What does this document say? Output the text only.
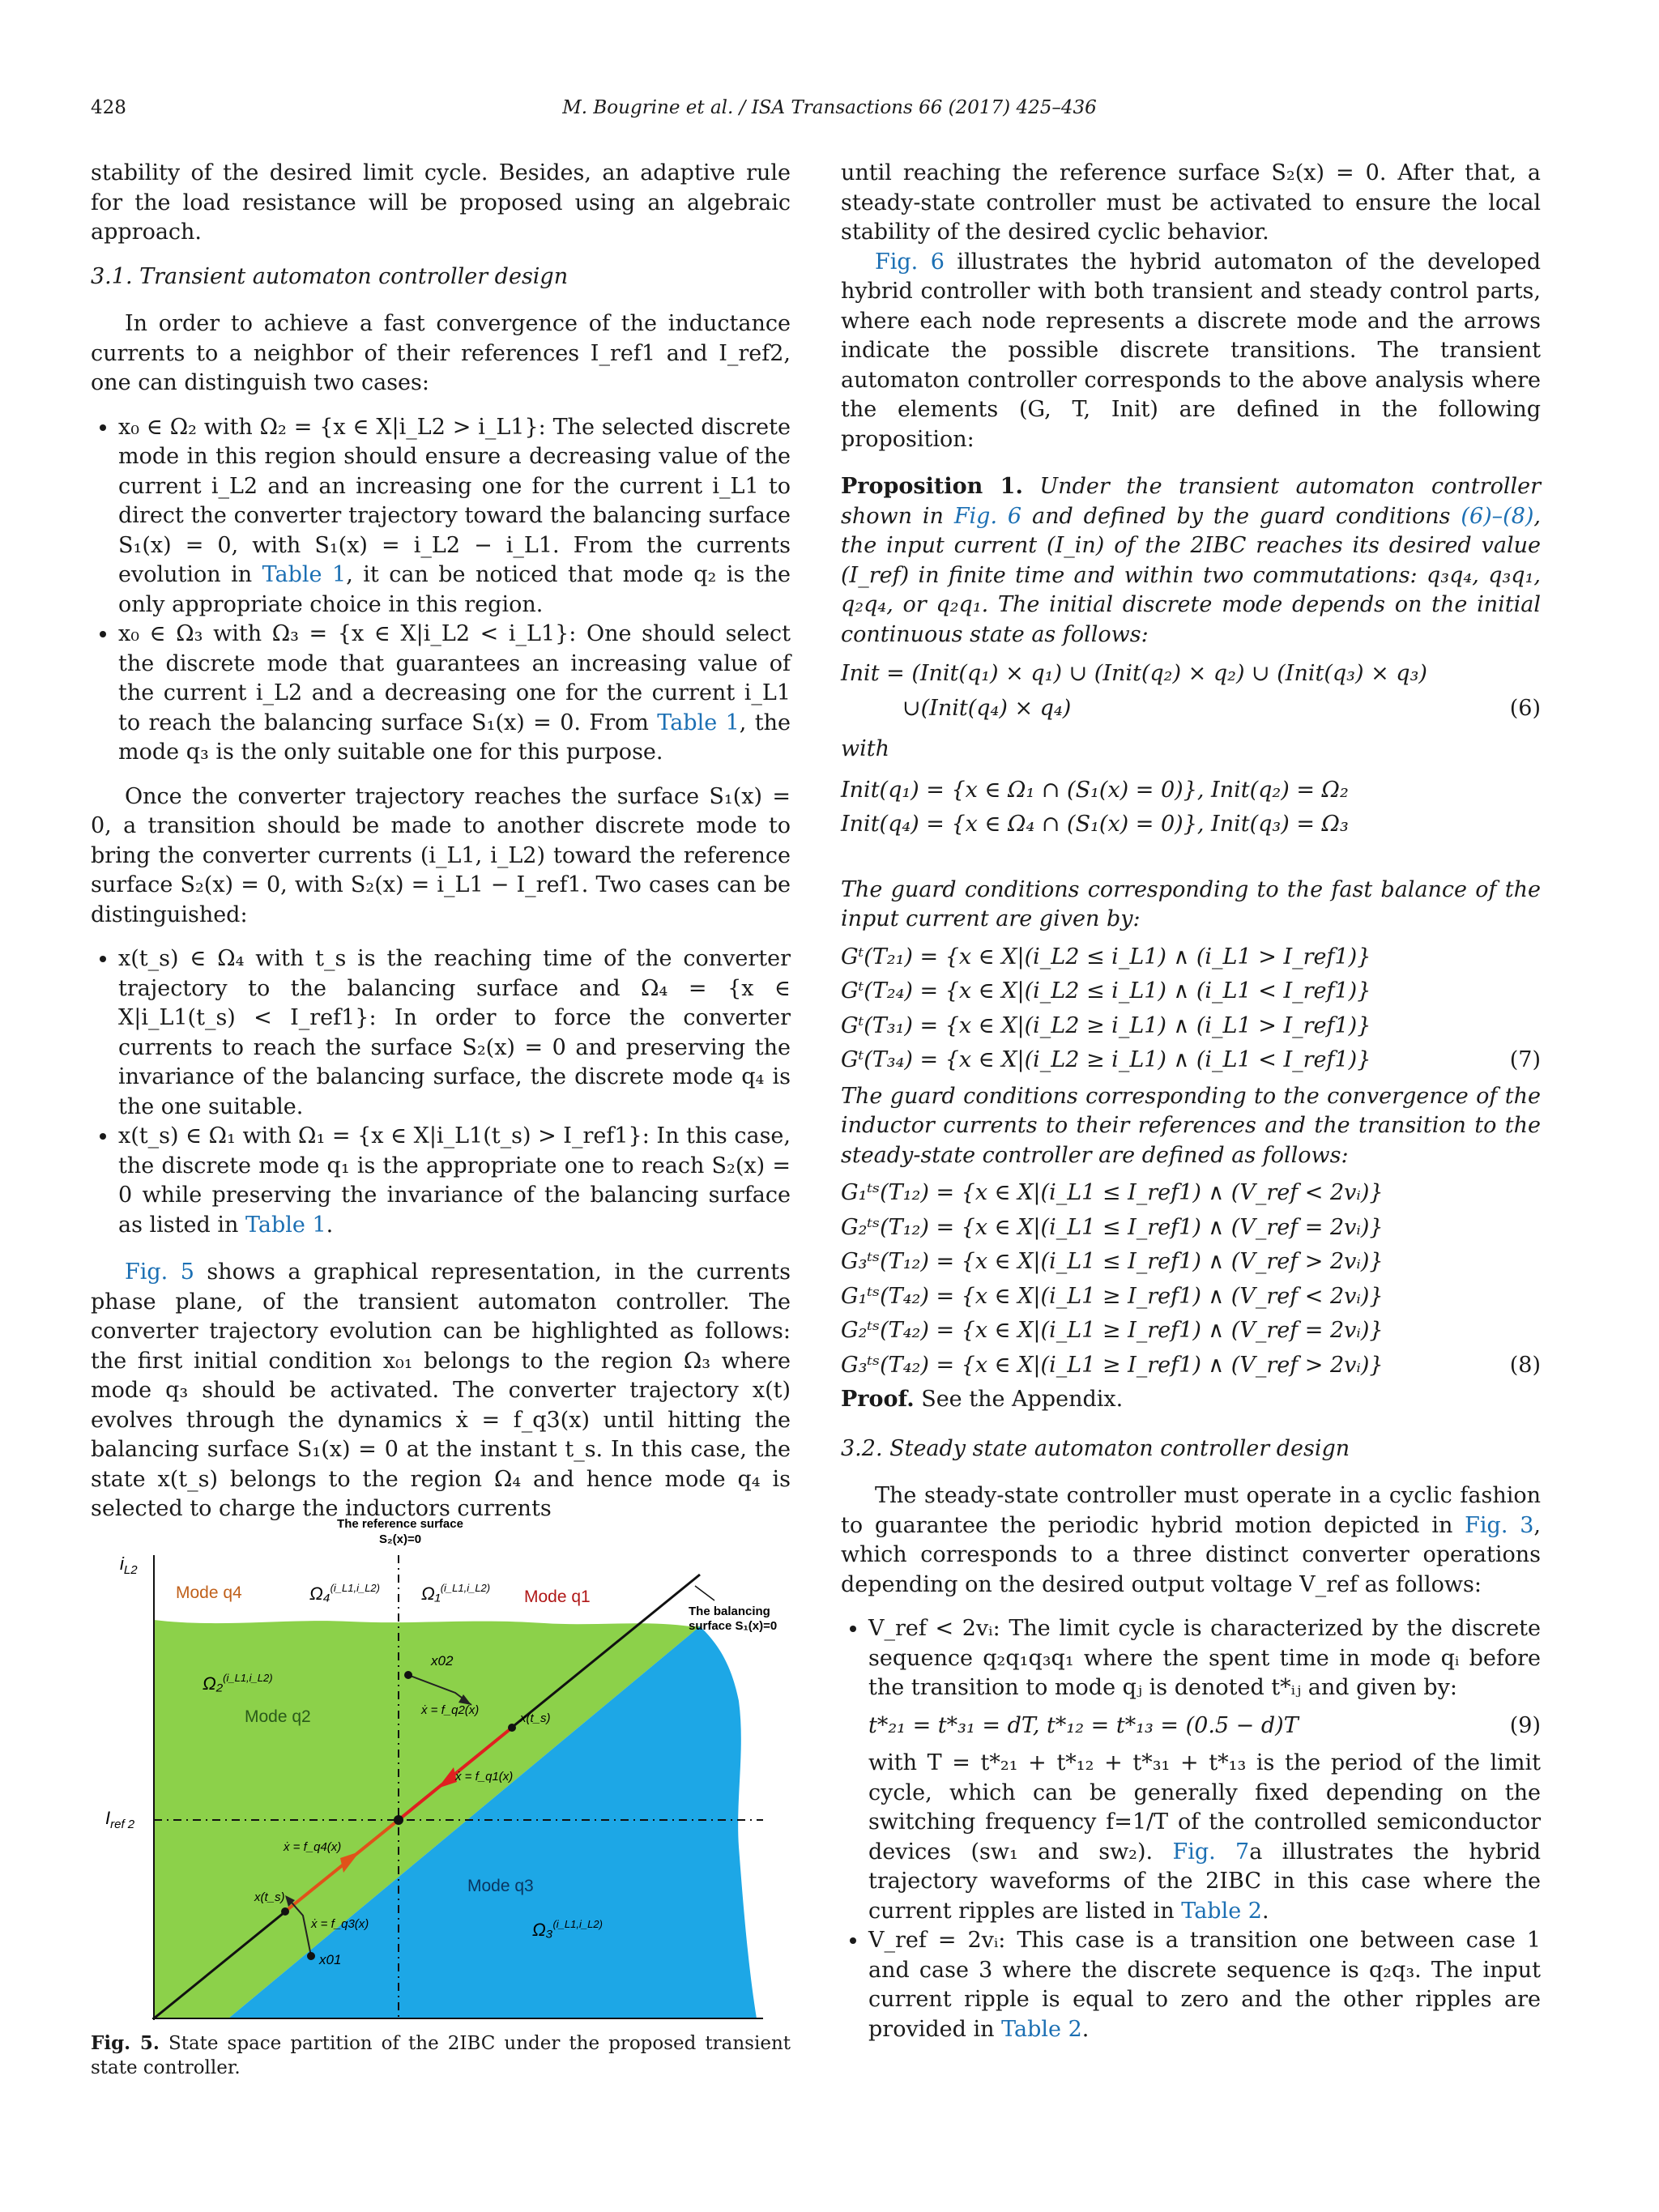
428	M. Bougrine et al. / ISA Transactions 66 (2017) 425–436

stability of the desired limit cycle. Besides, an adaptive rule for the load resistance will be proposed using an algebraic approach.

3.1. Transient automaton controller design

In order to achieve a fast convergence of the inductance currents to a neighbor of their references I_ref1 and I_ref2, one can distinguish two cases:

• x₀ ∈ Ω₂ with Ω₂ = {x ∈ X|i_L2 > i_L1}: The selected discrete mode in this region should ensure a decreasing value of the current i_L2 and an increasing one for the current i_L1 to direct the converter trajectory toward the balancing surface S₁(x) = 0, with S₁(x) = i_L2 − i_L1. From the currents evolution in Table 1, it can be noticed that mode q₂ is the only appropriate choice in this region.
• x₀ ∈ Ω₃ with Ω₃ = {x ∈ X|i_L2 < i_L1}: One should select the discrete mode that guarantees an increasing value of the current i_L2 and a decreasing one for the current i_L1 to reach the balancing surface S₁(x) = 0. From Table 1, the mode q₃ is the only suitable one for this purpose.

Once the converter trajectory reaches the surface S₁(x) = 0, a transition should be made to another discrete mode to bring the converter currents (i_L1, i_L2) toward the reference surface S₂(x) = 0, with S₂(x) = i_L1 − I_ref1. Two cases can be distinguished:

• x(t_s) ∈ Ω₄ with t_s is the reaching time of the converter trajectory to the balancing surface and Ω₄ = {x ∈ X|i_L1(t_s) < I_ref1}: In order to force the converter currents to reach the surface S₂(x) = 0 and preserving the invariance of the balancing surface, the discrete mode q₄ is the one suitable.
• x(t_s) ∈ Ω₁ with Ω₁ = {x ∈ X|i_L1(t_s) > I_ref1}: In this case, the discrete mode q₁ is the appropriate one to reach S₂(x) = 0 while preserving the invariance of the balancing surface as listed in Table 1.

Fig. 5 shows a graphical representation, in the currents phase plane, of the transient automaton controller. The converter trajectory evolution can be highlighted as follows: the first initial condition x₀₁ belongs to the region Ω₃ where mode q₃ should be activated. The converter trajectory x(t) evolves through the dynamics ẋ = f_q3(x) until hitting the balancing surface S₁(x) = 0 at the instant t_s. In this case, the state x(t_s) belongs to the region Ω₄ and hence mode q₄ is selected to charge the inductors currents

The reference surface
S₂(x)=0
$i_{L2}$
$I_{ref 2}$
Mode q4	Mode q1
Mode q2
Mode q3
Ω₄$^{(i\_L1,i\_L2)}$ Ω₁$^{(i\_L1,i\_L2)}$
Ω₂$^{(i\_L1,i\_L2)}$
Ω₃$^{(i\_L1,i\_L2)}$
The balancing
surface S₁(x)=0
x02
x01
ẋ = f_q2(x)
x(t_s)
ẋ = f_q1(x)
ẋ = f_q4(x)
x(t_s)
ẋ = f_q3(x)
Fig. 5. State space partition of the 2IBC under the proposed transient state controller.

until reaching the reference surface S₂(x) = 0. After that, a steady-state controller must be activated to ensure the local stability of the desired cyclic behavior.

Fig. 6 illustrates the hybrid automaton of the developed hybrid controller with both transient and steady control parts, where each node represents a discrete mode and the arrows indicate the possible discrete transitions. The transient automaton controller corresponds to the above analysis where the elements (G, T, Init) are defined in the following proposition:

Proposition 1. Under the transient automaton controller shown in Fig. 6 and defined by the guard conditions (6)–(8), the input current (I_in) of the 2IBC reaches its desired value (I_ref) in finite time and within two commutations: q₃q₄, q₃q₁, q₂q₄, or q₂q₁. The initial discrete mode depends on the initial continuous state as follows:

Init = (Init(q₁) × q₁) ∪ (Init(q₂) × q₂) ∪ (Init(q₃) × q₃)
∪(Init(q₄) × q₄)	(6)

with

Init(q₁) = {x ∈ Ω₁ ∩ (S₁(x) = 0)}, Init(q₂) = Ω₂
Init(q₄) = {x ∈ Ω₄ ∩ (S₁(x) = 0)}, Init(q₃) = Ω₃

The guard conditions corresponding to the fast balance of the input current are given by:

Gᵗ(T₂₁) = {x ∈ X|(i_L2 ≤ i_L1) ∧ (i_L1 > I_ref1)}
Gᵗ(T₂₄) = {x ∈ X|(i_L2 ≤ i_L1) ∧ (i_L1 < I_ref1)}
Gᵗ(T₃₁) = {x ∈ X|(i_L2 ≥ i_L1) ∧ (i_L1 > I_ref1)}
Gᵗ(T₃₄) = {x ∈ X|(i_L2 ≥ i_L1) ∧ (i_L1 < I_ref1)}	(7)

The guard conditions corresponding to the convergence of the inductor currents to their references and the transition to the steady-state controller are defined as follows:

G₁ᵗˢ(T₁₂) = {x ∈ X|(i_L1 ≤ I_ref1) ∧ (V_ref < 2vᵢ)}
G₂ᵗˢ(T₁₂) = {x ∈ X|(i_L1 ≤ I_ref1) ∧ (V_ref = 2vᵢ)}
G₃ᵗˢ(T₁₂) = {x ∈ X|(i_L1 ≤ I_ref1) ∧ (V_ref > 2vᵢ)}
G₁ᵗˢ(T₄₂) = {x ∈ X|(i_L1 ≥ I_ref1) ∧ (V_ref < 2vᵢ)}
G₂ᵗˢ(T₄₂) = {x ∈ X|(i_L1 ≥ I_ref1) ∧ (V_ref = 2vᵢ)}
G₃ᵗˢ(T₄₂) = {x ∈ X|(i_L1 ≥ I_ref1) ∧ (V_ref > 2vᵢ)}	(8)

Proof. See the Appendix.

3.2. Steady state automaton controller design

The steady-state controller must operate in a cyclic fashion to guarantee the periodic hybrid motion depicted in Fig. 3, which corresponds to a three distinct converter operations depending on the desired output voltage V_ref as follows:

• V_ref < 2vᵢ: The limit cycle is characterized by the discrete sequence q₂q₁q₃q₁ where the spent time in mode qᵢ before the transition to mode qⱼ is denoted t*ᵢⱼ and given by:
t*₂₁ = t*₃₁ = dT, t*₁₂ = t*₁₃ = (0.5 − d)T	(9)
with T = t*₂₁ + t*₁₂ + t*₃₁ + t*₁₃ is the period of the limit cycle, which can be generally fixed depending on the switching frequency f=1/T of the controlled semiconductor devices (sw₁ and sw₂). Fig. 7a illustrates the hybrid trajectory waveforms of the 2IBC in this case where the current ripples are listed in Table 2.
• V_ref = 2vᵢ: This case is a transition one between case 1 and case 3 where the discrete sequence is q₂q₃. The input current ripple is equal to zero and the other ripples are provided in Table 2.
